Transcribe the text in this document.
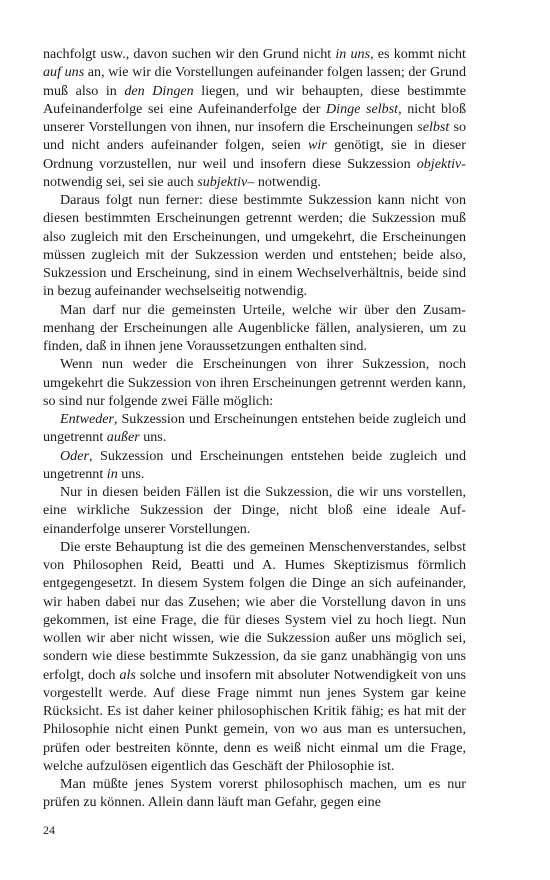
nachfolgt usw., davon suchen wir den Grund nicht in uns, es kommt nicht auf uns an, wie wir die Vorstellungen aufeinander folgen lassen; der Grund muß also in den Dingen liegen, und wir behaupten, diese bestimmte Aufeinanderfolge sei eine Aufeinanderfolge der Dinge selbst, nicht bloß unserer Vorstellungen von ihnen, nur insofern die Erscheinungen selbst so und nicht anders aufeinander folgen, seien wir genötigt, sie in dieser Ordnung vorzustellen, nur weil und insofern diese Sukzession objektiv-notwendig sei, sei sie auch subjektiv– notwendig.

Daraus folgt nun ferner: diese bestimmte Sukzession kann nicht von diesen bestimmten Erscheinungen getrennt werden; die Sukzession muß also zugleich mit den Erscheinungen, und umgekehrt, die Erscheinungen müssen zugleich mit der Sukzession werden und entstehen; beide also, Sukzession und Erscheinung, sind in einem Wechselverhältnis, beide sind in bezug aufeinander wechselseitig notwendig.

Man darf nur die gemeinsten Urteile, welche wir über den Zusammenhang der Erscheinungen alle Augenblicke fällen, analysieren, um zu finden, daß in ihnen jene Voraussetzungen enthalten sind.

Wenn nun weder die Erscheinungen von ihrer Sukzession, noch umgekehrt die Sukzession von ihren Erscheinungen getrennt werden kann, so sind nur folgende zwei Fälle möglich:

Entweder, Sukzession und Erscheinungen entstehen beide zugleich und ungetrennt außer uns.

Oder, Sukzession und Erscheinungen entstehen beide zugleich und ungetrennt in uns.

Nur in diesen beiden Fällen ist die Sukzession, die wir uns vorstellen, eine wirkliche Sukzession der Dinge, nicht bloß eine ideale Aufeinanderfolge unserer Vorstellungen.

Die erste Behauptung ist die des gemeinen Menschenverstandes, selbst von Philosophen Reid, Beatti und A. Humes Skeptizismus förmlich entgegengesetzt. In diesem System folgen die Dinge an sich aufeinander, wir haben dabei nur das Zusehen; wie aber die Vorstellung davon in uns gekommen, ist eine Frage, die für dieses System viel zu hoch liegt. Nun wollen wir aber nicht wissen, wie die Sukzession außer uns möglich sei, sondern wie diese bestimmte Sukzession, da sie ganz unabhängig von uns erfolgt, doch als solche und insofern mit absoluter Notwendigkeit von uns vorgestellt werde. Auf diese Frage nimmt nun jenes System gar keine Rücksicht. Es ist daher keiner philosophischen Kritik fähig; es hat mit der Philosophie nicht einen Punkt gemein, von wo aus man es untersuchen, prüfen oder bestreiten könnte, denn es weiß nicht einmal um die Frage, welche aufzulösen eigentlich das Geschäft der Philosophie ist.

Man müßte jenes System vorerst philosophisch machen, um es nur prüfen zu können. Allein dann läuft man Gefahr, gegen eine

24
